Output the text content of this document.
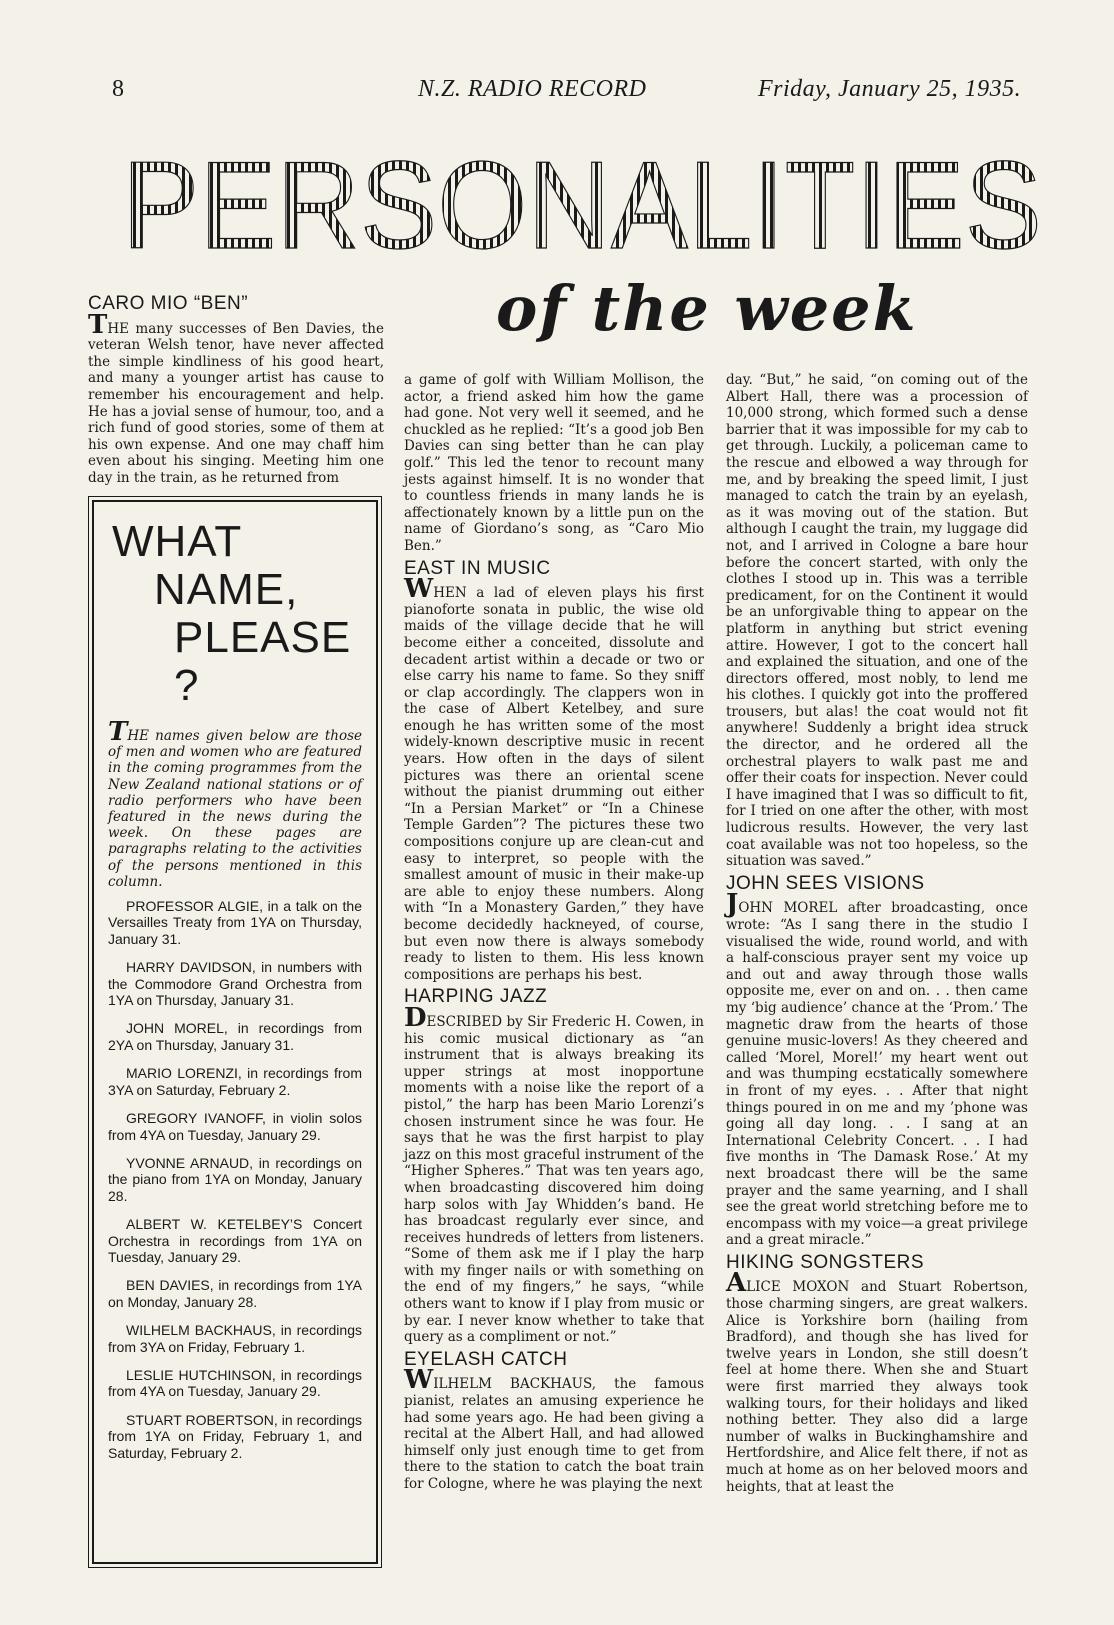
8	N.Z. RADIO RECORD	Friday, January 25, 1935.
PERSONALITIES
of the week
CARO MIO “BEN”

THE many successes of Ben Davies, the veteran Welsh tenor, have never affected the simple kindliness of his good heart, and many a younger artist has cause to remember his encouragement and help. He has a jovial sense of humour, too, and a rich fund of good stories, some of them at his own expense. And one may chaff him even about his singing. Meeting him one day in the train, as he returned from

WHAT
NAME,
PLEASE ?

THE names given below are those of men and women who are featured in the coming programmes from the New Zealand national stations or of radio performers who have been featured in the news during the week. On these pages are paragraphs relating to the activities of the persons mentioned in this column.

PROFESSOR ALGIE, in a talk on the Versailles Treaty from 1YA on Thursday, January 31.

HARRY DAVIDSON, in numbers with the Commodore Grand Orchestra from 1YA on Thursday, January 31.

JOHN MOREL, in recordings from 2YA on Thursday, January 31.

MARIO LORENZI, in recordings from 3YA on Saturday, February 2.

GREGORY IVANOFF, in violin solos from 4YA on Tuesday, January 29.

YVONNE ARNAUD, in recordings on the piano from 1YA on Monday, January 28.

ALBERT W. KETELBEY’S Concert Orchestra in recordings from 1YA on Tuesday, January 29.

BEN DAVIES, in recordings from 1YA on Monday, January 28.

WILHELM BACKHAUS, in recordings from 3YA on Friday, February 1.

LESLIE HUTCHINSON, in recordings from 4YA on Tuesday, January 29.

STUART ROBERTSON, in recordings from 1YA on Friday, February 1, and Saturday, February 2.

a game of golf with William Mollison, the actor, a friend asked him how the game had gone. Not very well it seemed, and he chuckled as he replied: “It’s a good job Ben Davies can sing better than he can play golf.” This led the tenor to recount many jests against himself. It is no wonder that to countless friends in many lands he is affectionately known by a little pun on the name of Giordano’s song, as “Caro Mio Ben.”

EAST IN MUSIC

WHEN a lad of eleven plays his first pianoforte sonata in public, the wise old maids of the village decide that he will become either a conceited, dissolute and decadent artist within a decade or two or else carry his name to fame. So they sniff or clap accordingly. The clappers won in the case of Albert Ketelbey, and sure enough he has written some of the most widely-known descriptive music in recent years. How often in the days of silent pictures was there an oriental scene without the pianist drumming out either “In a Persian Market” or “In a Chinese Temple Garden”? The pictures these two compositions conjure up are clean-cut and easy to interpret, so people with the smallest amount of music in their make-up are able to enjoy these numbers. Along with “In a Monastery Garden,” they have become decidedly hackneyed, of course, but even now there is always somebody ready to listen to them. His less known compositions are perhaps his best.

HARPING JAZZ

DESCRIBED by Sir Frederic H. Cowen, in his comic musical dictionary as “an instrument that is always breaking its upper strings at most inopportune moments with a noise like the report of a pistol,” the harp has been Mario Lorenzi’s chosen instrument since he was four. He says that he was the first harpist to play jazz on this most graceful instrument of the “Higher Spheres.” That was ten years ago, when broadcasting discovered him doing harp solos with Jay Whidden’s band. He has broadcast regularly ever since, and receives hundreds of letters from listeners. “Some of them ask me if I play the harp with my finger nails or with something on the end of my fingers,” he says, “while others want to know if I play from music or by ear. I never know whether to take that query as a compliment or not.”

EYELASH CATCH

WILHELM BACKHAUS, the famous pianist, relates an amusing experience he had some years ago. He had been giving a recital at the Albert Hall, and had allowed himself only just enough time to get from there to the station to catch the boat train for Cologne, where he was playing the next

day. “But,” he said, “on coming out of the Albert Hall, there was a procession of 10,000 strong, which formed such a dense barrier that it was impossible for my cab to get through. Luckily, a policeman came to the rescue and elbowed a way through for me, and by breaking the speed limit, I just managed to catch the train by an eyelash, as it was moving out of the station. But although I caught the train, my luggage did not, and I arrived in Cologne a bare hour before the concert started, with only the clothes I stood up in. This was a terrible predicament, for on the Continent it would be an unforgivable thing to appear on the platform in anything but strict evening attire. However, I got to the concert hall and explained the situation, and one of the directors offered, most nobly, to lend me his clothes. I quickly got into the proffered trousers, but alas! the coat would not fit anywhere! Suddenly a bright idea struck the director, and he ordered all the orchestral players to walk past me and offer their coats for inspection. Never could I have imagined that I was so difficult to fit, for I tried on one after the other, with most ludicrous results. However, the very last coat available was not too hopeless, so the situation was saved.”

JOHN SEES VISIONS

JOHN MOREL after broadcasting, once wrote: “As I sang there in the studio I visualised the wide, round world, and with a half-conscious prayer sent my voice up and out and away through those walls opposite me, ever on and on. . . then came my ‘big audience’ chance at the ‘Prom.’ The magnetic draw from the hearts of those genuine music-lovers! As they cheered and called ‘Morel, Morel!’ my heart went out and was thumping ecstatically somewhere in front of my eyes. . . After that night things poured in on me and my ’phone was going all day long. . . I sang at an International Celebrity Concert. . . I had five months in ‘The Damask Rose.’ At my next broadcast there will be the same prayer and the same yearning, and I shall see the great world stretching before me to encompass with my voice—a great privilege and a great miracle.”

HIKING SONGSTERS

ALICE MOXON and Stuart Robertson, those charming singers, are great walkers. Alice is Yorkshire born (hailing from Bradford), and though she has lived for twelve years in London, she still doesn’t feel at home there. When she and Stuart were first married they always took walking tours, for their holidays and liked nothing better. They also did a large number of walks in Buckinghamshire and Hertfordshire, and Alice felt there, if not as much at home as on her beloved moors and heights, that at least the
